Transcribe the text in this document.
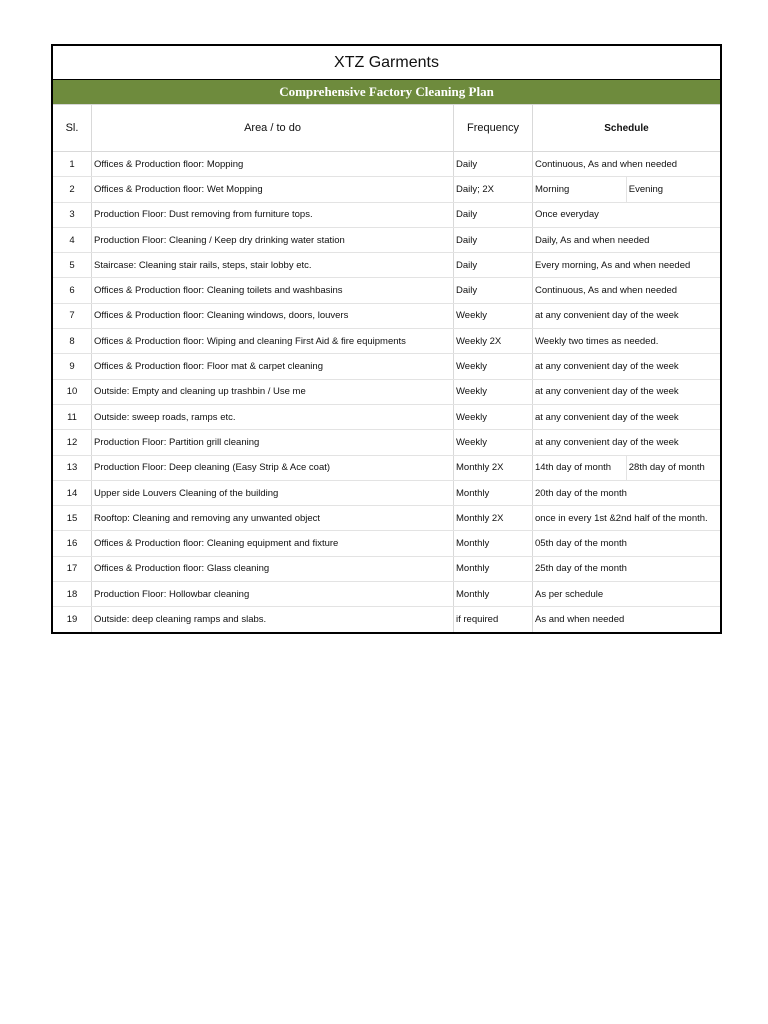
XTZ Garments
Comprehensive Factory Cleaning Plan
Sl.	Area / to do	Frequency	Schedule	
1	Offices & Production floor: Mopping	Daily	Continuous, As and when needed	
2	Offices & Production floor: Wet Mopping	Daily; 2X	Morning	Evening
3	Production Floor: Dust removing from furniture tops.	Daily	Once everyday	
4	Production Floor: Cleaning / Keep dry drinking water station	Daily	Daily, As and when needed	
5	Staircase: Cleaning stair rails, steps, stair lobby etc.	Daily	Every morning, As and when needed	
6	Offices & Production floor: Cleaning toilets and washbasins	Daily	Continuous, As and when needed	
7	Offices & Production floor: Cleaning windows, doors, louvers	Weekly	at any convenient day of the week	
8	Offices & Production floor: Wiping and cleaning First Aid & fire equipments	Weekly 2X	Weekly two times as needed.	
9	Offices & Production floor: Floor mat & carpet cleaning	Weekly	at any convenient day of the week	
10	Outside: Empty and cleaning up trashbin / Use me	Weekly	at any convenient day of the week	
11	Outside: sweep roads, ramps etc.	Weekly	at any convenient day of the week	
12	Production Floor: Partition grill cleaning	Weekly	at any convenient day of the week	
13	Production Floor: Deep cleaning (Easy Strip & Ace coat)	Monthly 2X	14th day of month	28th day of month
14	Upper side Louvers Cleaning of the building	Monthly	20th day of the month	
15	Rooftop: Cleaning and removing any unwanted object	Monthly 2X	once in every 1st &2nd half of the month.	
16	Offices & Production floor: Cleaning equipment and fixture	Monthly	05th day of the month	
17	Offices & Production floor: Glass cleaning	Monthly	25th day of the month	
18	Production Floor: Hollowbar cleaning	Monthly	As per schedule	
19	Outside: deep cleaning ramps and slabs.	if required	As and when needed	
